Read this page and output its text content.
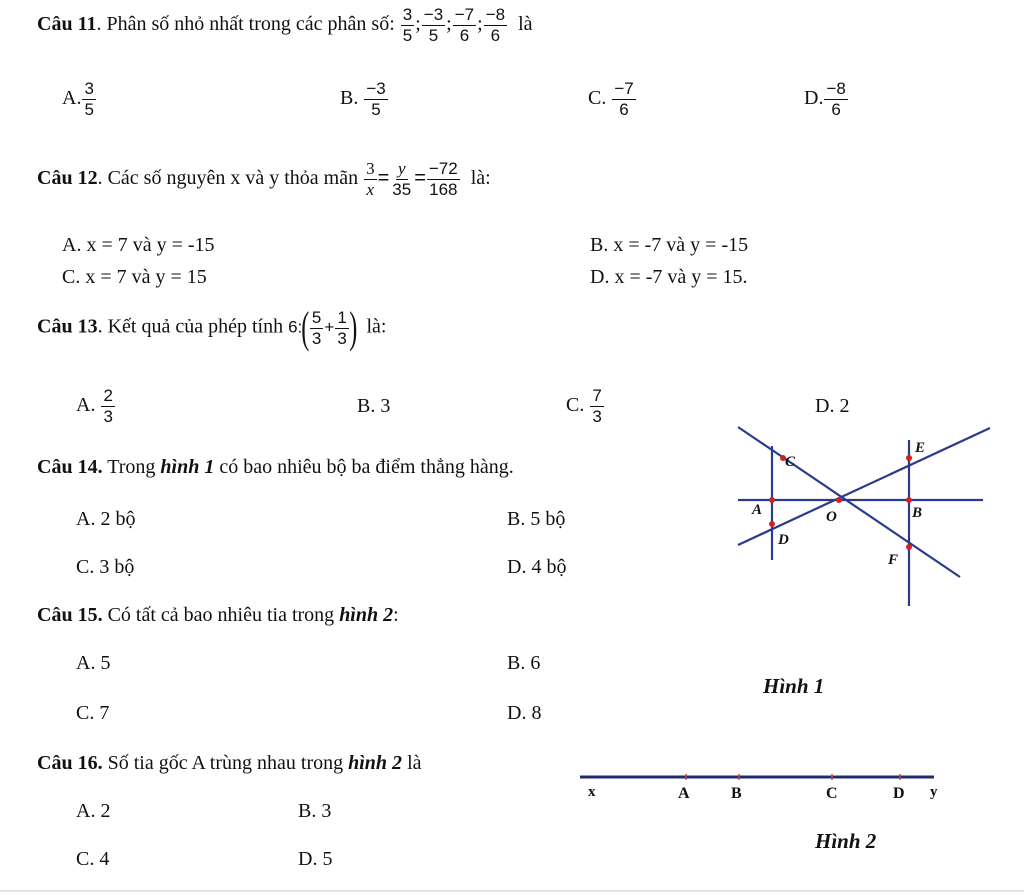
Câu 11. Phân số nhỏ nhất trong các phân số: $\frac{3}{5}$ ; $\frac{-3}{5}$ ; $\frac{-7}{6}$ ; $\frac{-8}{6}$ là
A. $\frac{3}{5}$	B. $\frac{-3}{5}$	C. $\frac{-7}{6}$	D. $\frac{-8}{6}$
Câu 12. Các số nguyên x và y thỏa mãn $\frac{3}{x} = \frac{y}{35} = \frac{-72}{168}$ là:
A. x = 7 và y = -15	B. x = -7 và y = -15
C. x = 7 và y = 15	D. x = -7 và y = 15.
Câu 13. Kết quả của phép tính 6:( $\frac{5}{3} + \frac{1}{3}$ ) là:
A. $\frac{2}{3}$	B. 3	C. $\frac{7}{3}$	D. 2
Câu 14. Trong hình 1 có bao nhiêu bộ ba điểm thẳng hàng.
A. 2 bộ	B. 5 bộ
C. 3 bộ	D. 4 bộ
Câu 15. Có tất cả bao nhiêu tia trong hình 2:
A. 5	B. 6
C. 7	D. 8
Câu 16. Số tia gốc A trùng nhau trong hình 2 là
A. 2	B. 3
C. 4	D. 5
C
E
A	O	B
D
F
Hình 1
x	A	B	C	D y
Hình 2
